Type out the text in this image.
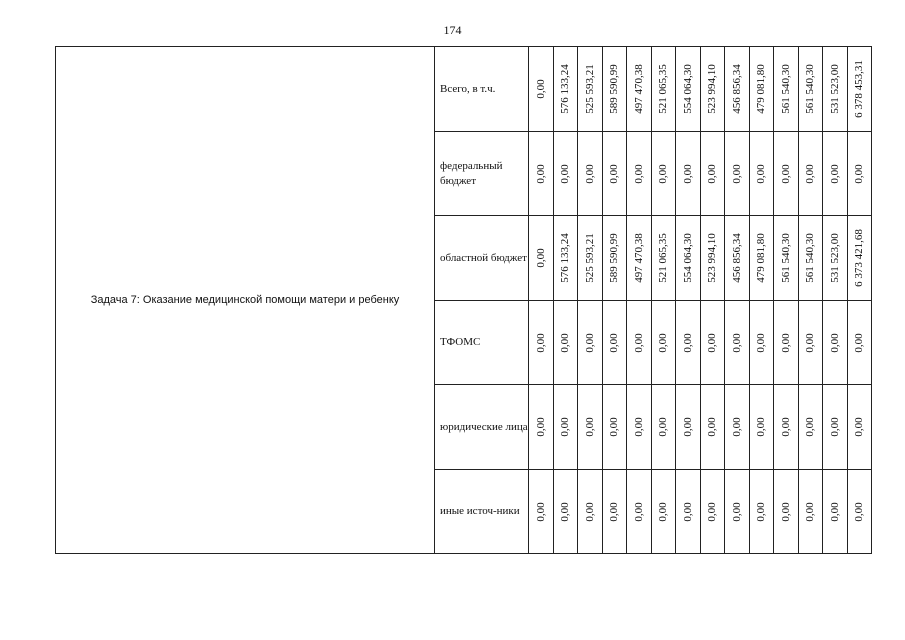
174
Задача 7: Оказание медицинской помощи матери и ребенку	Всего, в т.ч.	0,00	576 133,24	525 593,21	589 590,99	497 470,38	521 065,35	554 064,30	523 994,10	456 856,34	479 081,80	561 540,30	561 540,30	531 523,00	6 378 453,31

	федеральный бюджет	0,00	0,00	0,00	0,00	0,00	0,00	0,00	0,00	0,00	0,00	0,00	0,00	0,00	0,00

	областной бюджет	0,00	576 133,24	525 593,21	589 590,99	497 470,38	521 065,35	554 064,30	523 994,10	456 856,34	479 081,80	561 540,30	561 540,30	531 523,00	6 373 421,68

	ТФОМС	0,00	0,00	0,00	0,00	0,00	0,00	0,00	0,00	0,00	0,00	0,00	0,00	0,00	0,00

	юридические лица	0,00	0,00	0,00	0,00	0,00	0,00	0,00	0,00	0,00	0,00	0,00	0,00	0,00	0,00

	иные источ-ники	0,00	0,00	0,00	0,00	0,00	0,00	0,00	0,00	0,00	0,00	0,00	0,00	0,00	0,00
